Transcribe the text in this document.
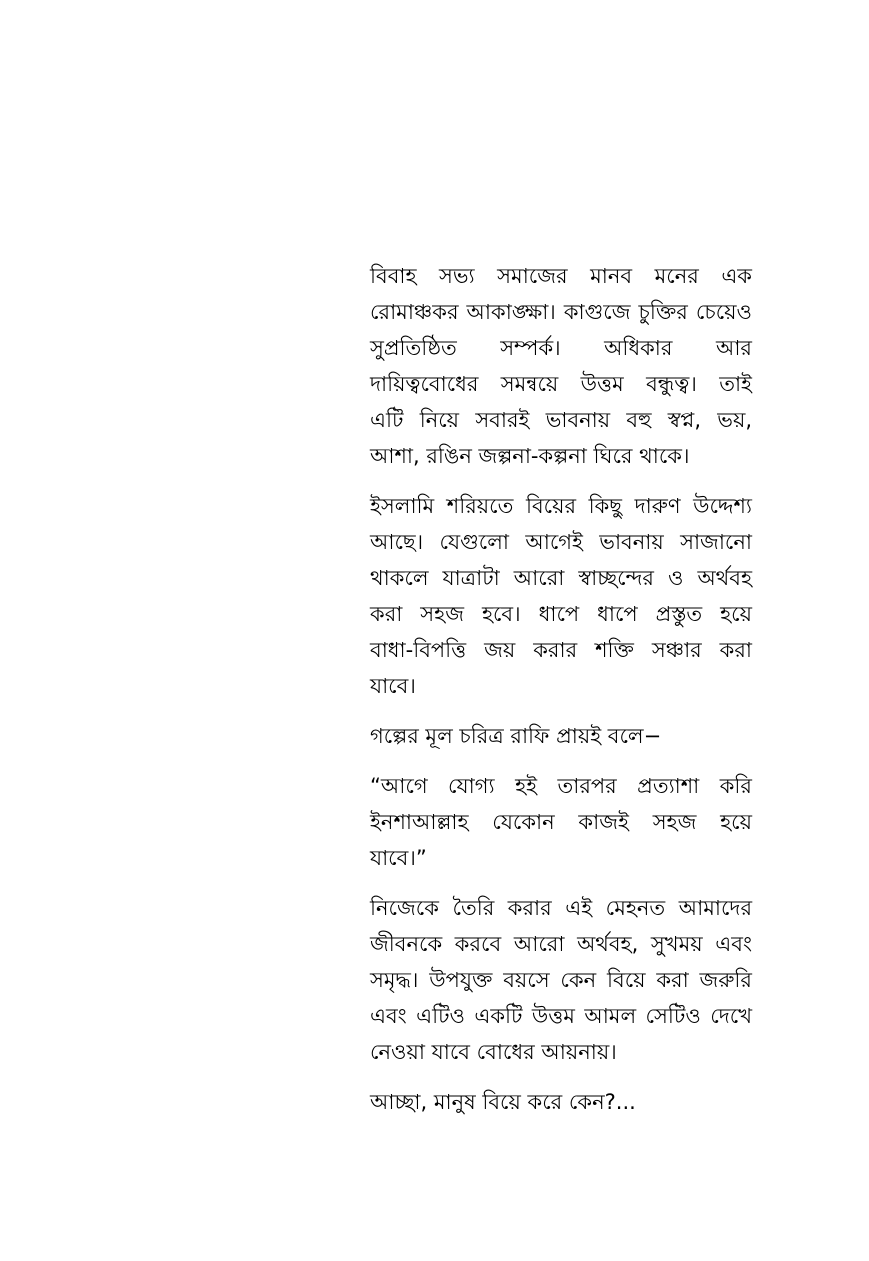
বিবাহ সভ্য সমাজের মানব মনের এক
রোমাঞ্চকর আকাঙ্ক্ষা। কাগুজে চুক্তির চেয়েও
সুপ্রতিষ্ঠিত সম্পর্ক। অধিকার আর
দায়িত্ববোধের সমন্বয়ে উত্তম বন্ধুত্ব। তাই
এটি নিয়ে সবারই ভাবনায় বহু স্বপ্ন, ভয়,
আশা, রঙিন জল্পনা-কল্পনা ঘিরে থাকে।

ইসলামি শরিয়তে বিয়ের কিছু দারুণ উদ্দেশ্য
আছে। যেগুলো আগেই ভাবনায় সাজানো
থাকলে যাত্রাটা আরো স্বাচ্ছন্দের ও অর্থবহ
করা সহজ হবে। ধাপে ধাপে প্রস্তুত হয়ে
বাধা-বিপত্তি জয় করার শক্তি সঞ্চার করা
যাবে।

গল্পের মূল চরিত্র রাফি প্রায়ই বলে−

“আগে যোগ্য হই তারপর প্রত্যাশা করি
ইনশাআল্লাহ যেকোন কাজই সহজ হয়ে
যাবে।”

নিজেকে তৈরি করার এই মেহনত আমাদের
জীবনকে করবে আরো অর্থবহ, সুখময় এবং
সমৃদ্ধ। উপযুক্ত বয়সে কেন বিয়ে করা জরুরি
এবং এটিও একটি উত্তম আমল সেটিও দেখে
নেওয়া যাবে বোধের আয়নায়।

আচ্ছা, মানুষ বিয়ে করে কেন?...
